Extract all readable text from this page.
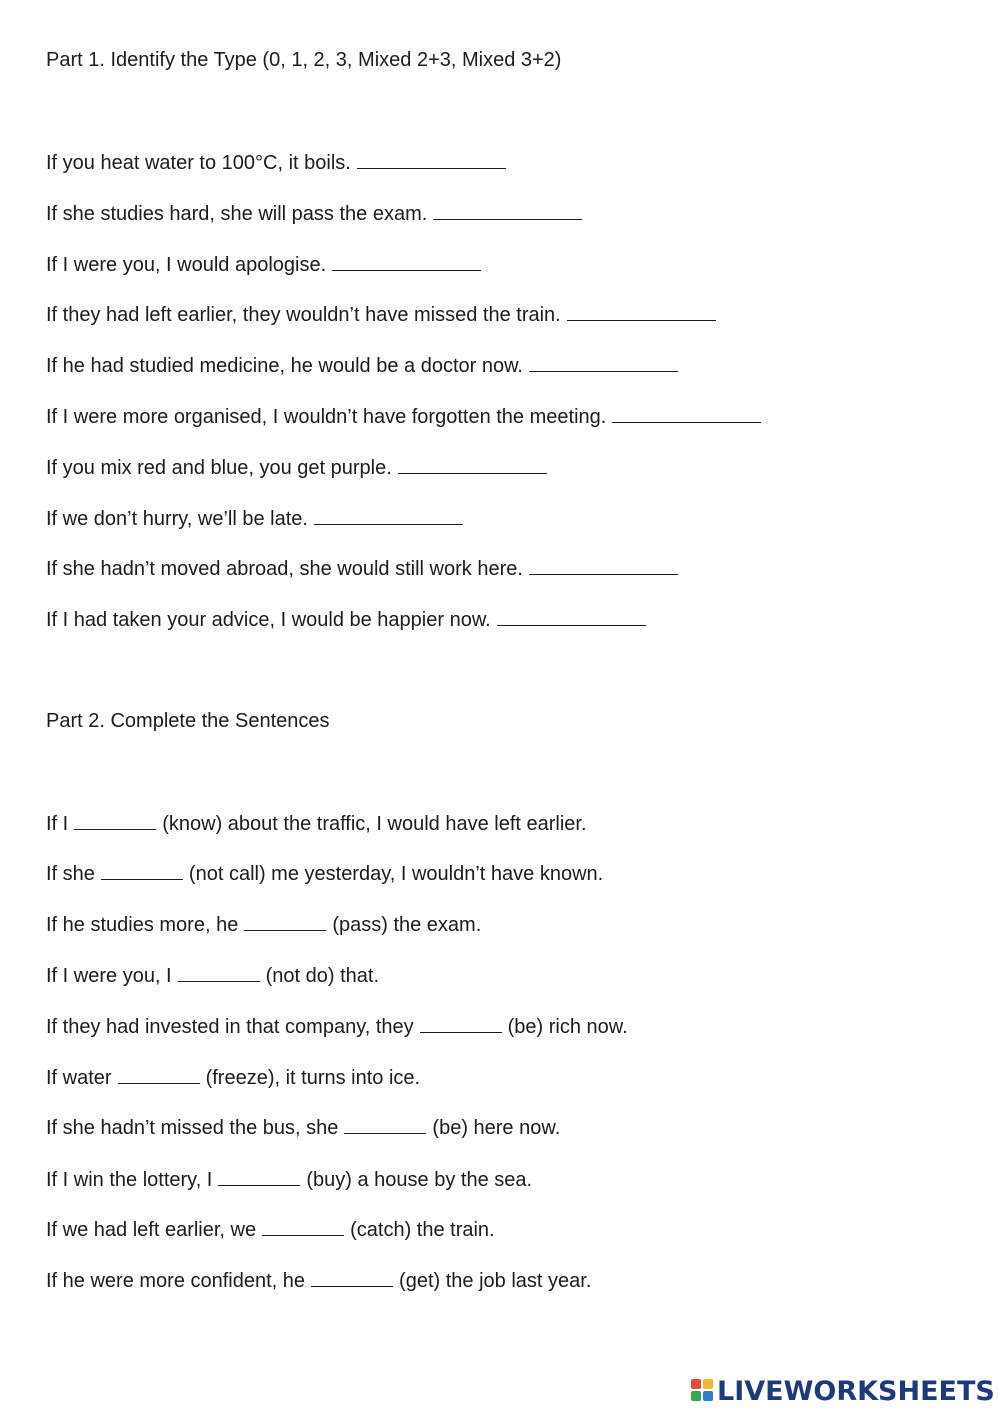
Part 1. Identify the Type (0, 1, 2, 3, Mixed 2+3, Mixed 3+2)
If you heat water to 100°C, it boils.
If she studies hard, she will pass the exam.
If I were you, I would apologise.
If they had left earlier, they wouldn’t have missed the train.
If he had studied medicine, he would be a doctor now.
If I were more organised, I wouldn’t have forgotten the meeting.
If you mix red and blue, you get purple.
If we don’t hurry, we’ll be late.
If she hadn’t moved abroad, she would still work here.
If I had taken your advice, I would be happier now.
Part 2. Complete the Sentences
If I	(know) about the traffic, I would have left earlier.
If she	(not call) me yesterday, I wouldn’t have known.
If he studies more, he	(pass) the exam.
If I were you, I	(not do) that.
If they had invested in that company, they	(be) rich now.
If water	(freeze), it turns into ice.
If she hadn’t missed the bus, she	(be) here now.
If I win the lottery, I	(buy) a house by the sea.
If we had left earlier, we	(catch) the train.
If he were more confident, he	(get) the job last year.
LIVEWORKSHEETS
